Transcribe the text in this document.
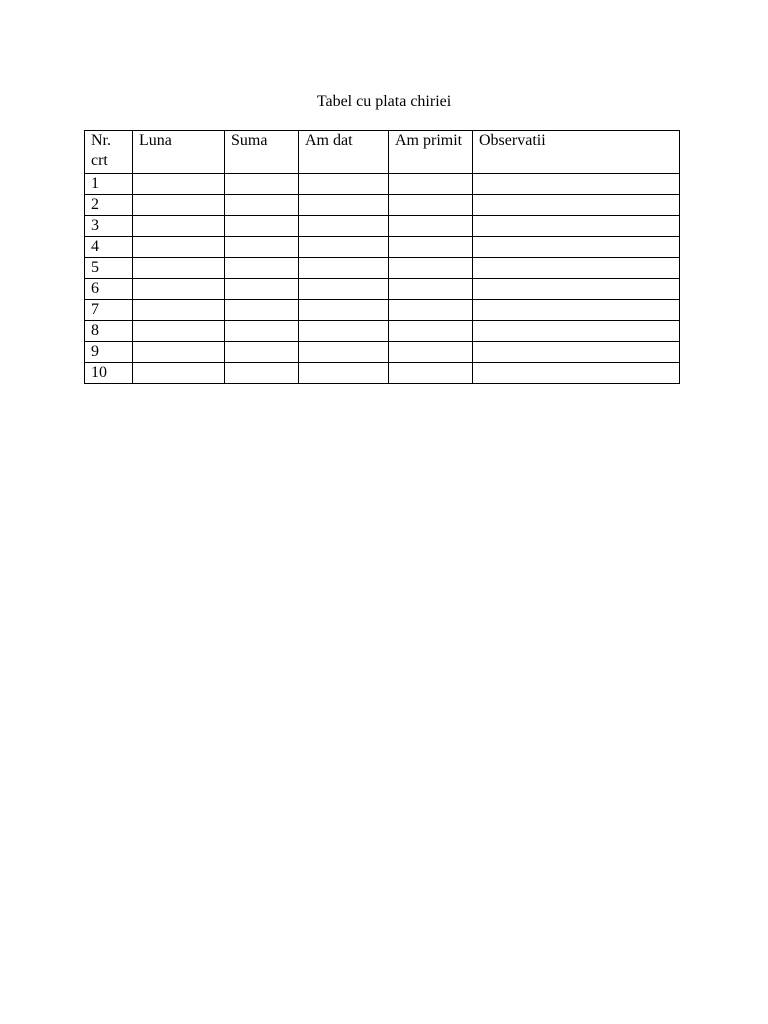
Tabel cu plata chiriei
Nr. crt	Luna	Suma	Am dat	Am primit	Observatii
1					
2					
3					
4					
5					
6					
7					
8					
9					
10					
